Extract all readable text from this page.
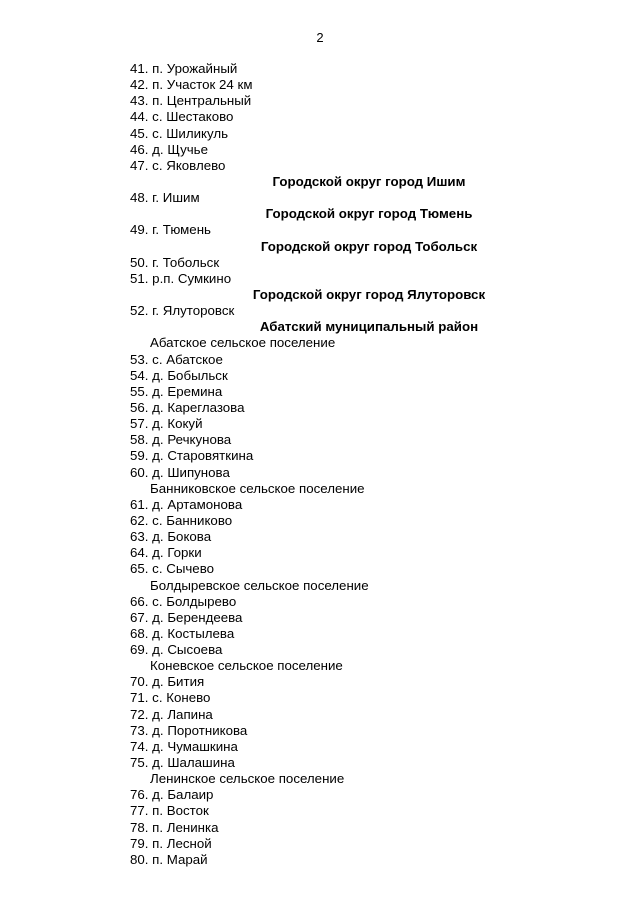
2
41. п. Урожайный
42. п. Участок 24 км
43. п. Центральный
44. с. Шестаково
45. с. Шиликуль
46. д. Щучье
47. с. Яковлево
Городской округ город Ишим
48. г. Ишим
Городской округ город Тюмень
49. г. Тюмень
Городской округ город Тобольск
50. г. Тобольск
51. р.п. Сумкино
Городской округ город Ялуторовск
52. г. Ялуторовск
Абатский муниципальный район
Абатское сельское поселение
53. с. Абатское
54. д. Бобыльск
55. д. Еремина
56. д. Кареглазова
57. д. Кокуй
58. д. Речкунова
59. д. Старовяткина
60. д. Шипунова
Банниковское сельское поселение
61. д. Артамонова
62. с. Банниково
63. д. Бокова
64. д. Горки
65. с. Сычево
Болдыревское сельское поселение
66. с. Болдырево
67. д. Берендеева
68. д. Костылева
69. д. Сысоева
Коневское сельское поселение
70. д. Бития
71. с. Конево
72. д. Лапина
73. д. Поротникова
74. д. Чумашкина
75. д. Шалашина
Ленинское сельское поселение
76. д. Балаир
77. п. Восток
78. п. Ленинка
79. п. Лесной
80. п. Марай
